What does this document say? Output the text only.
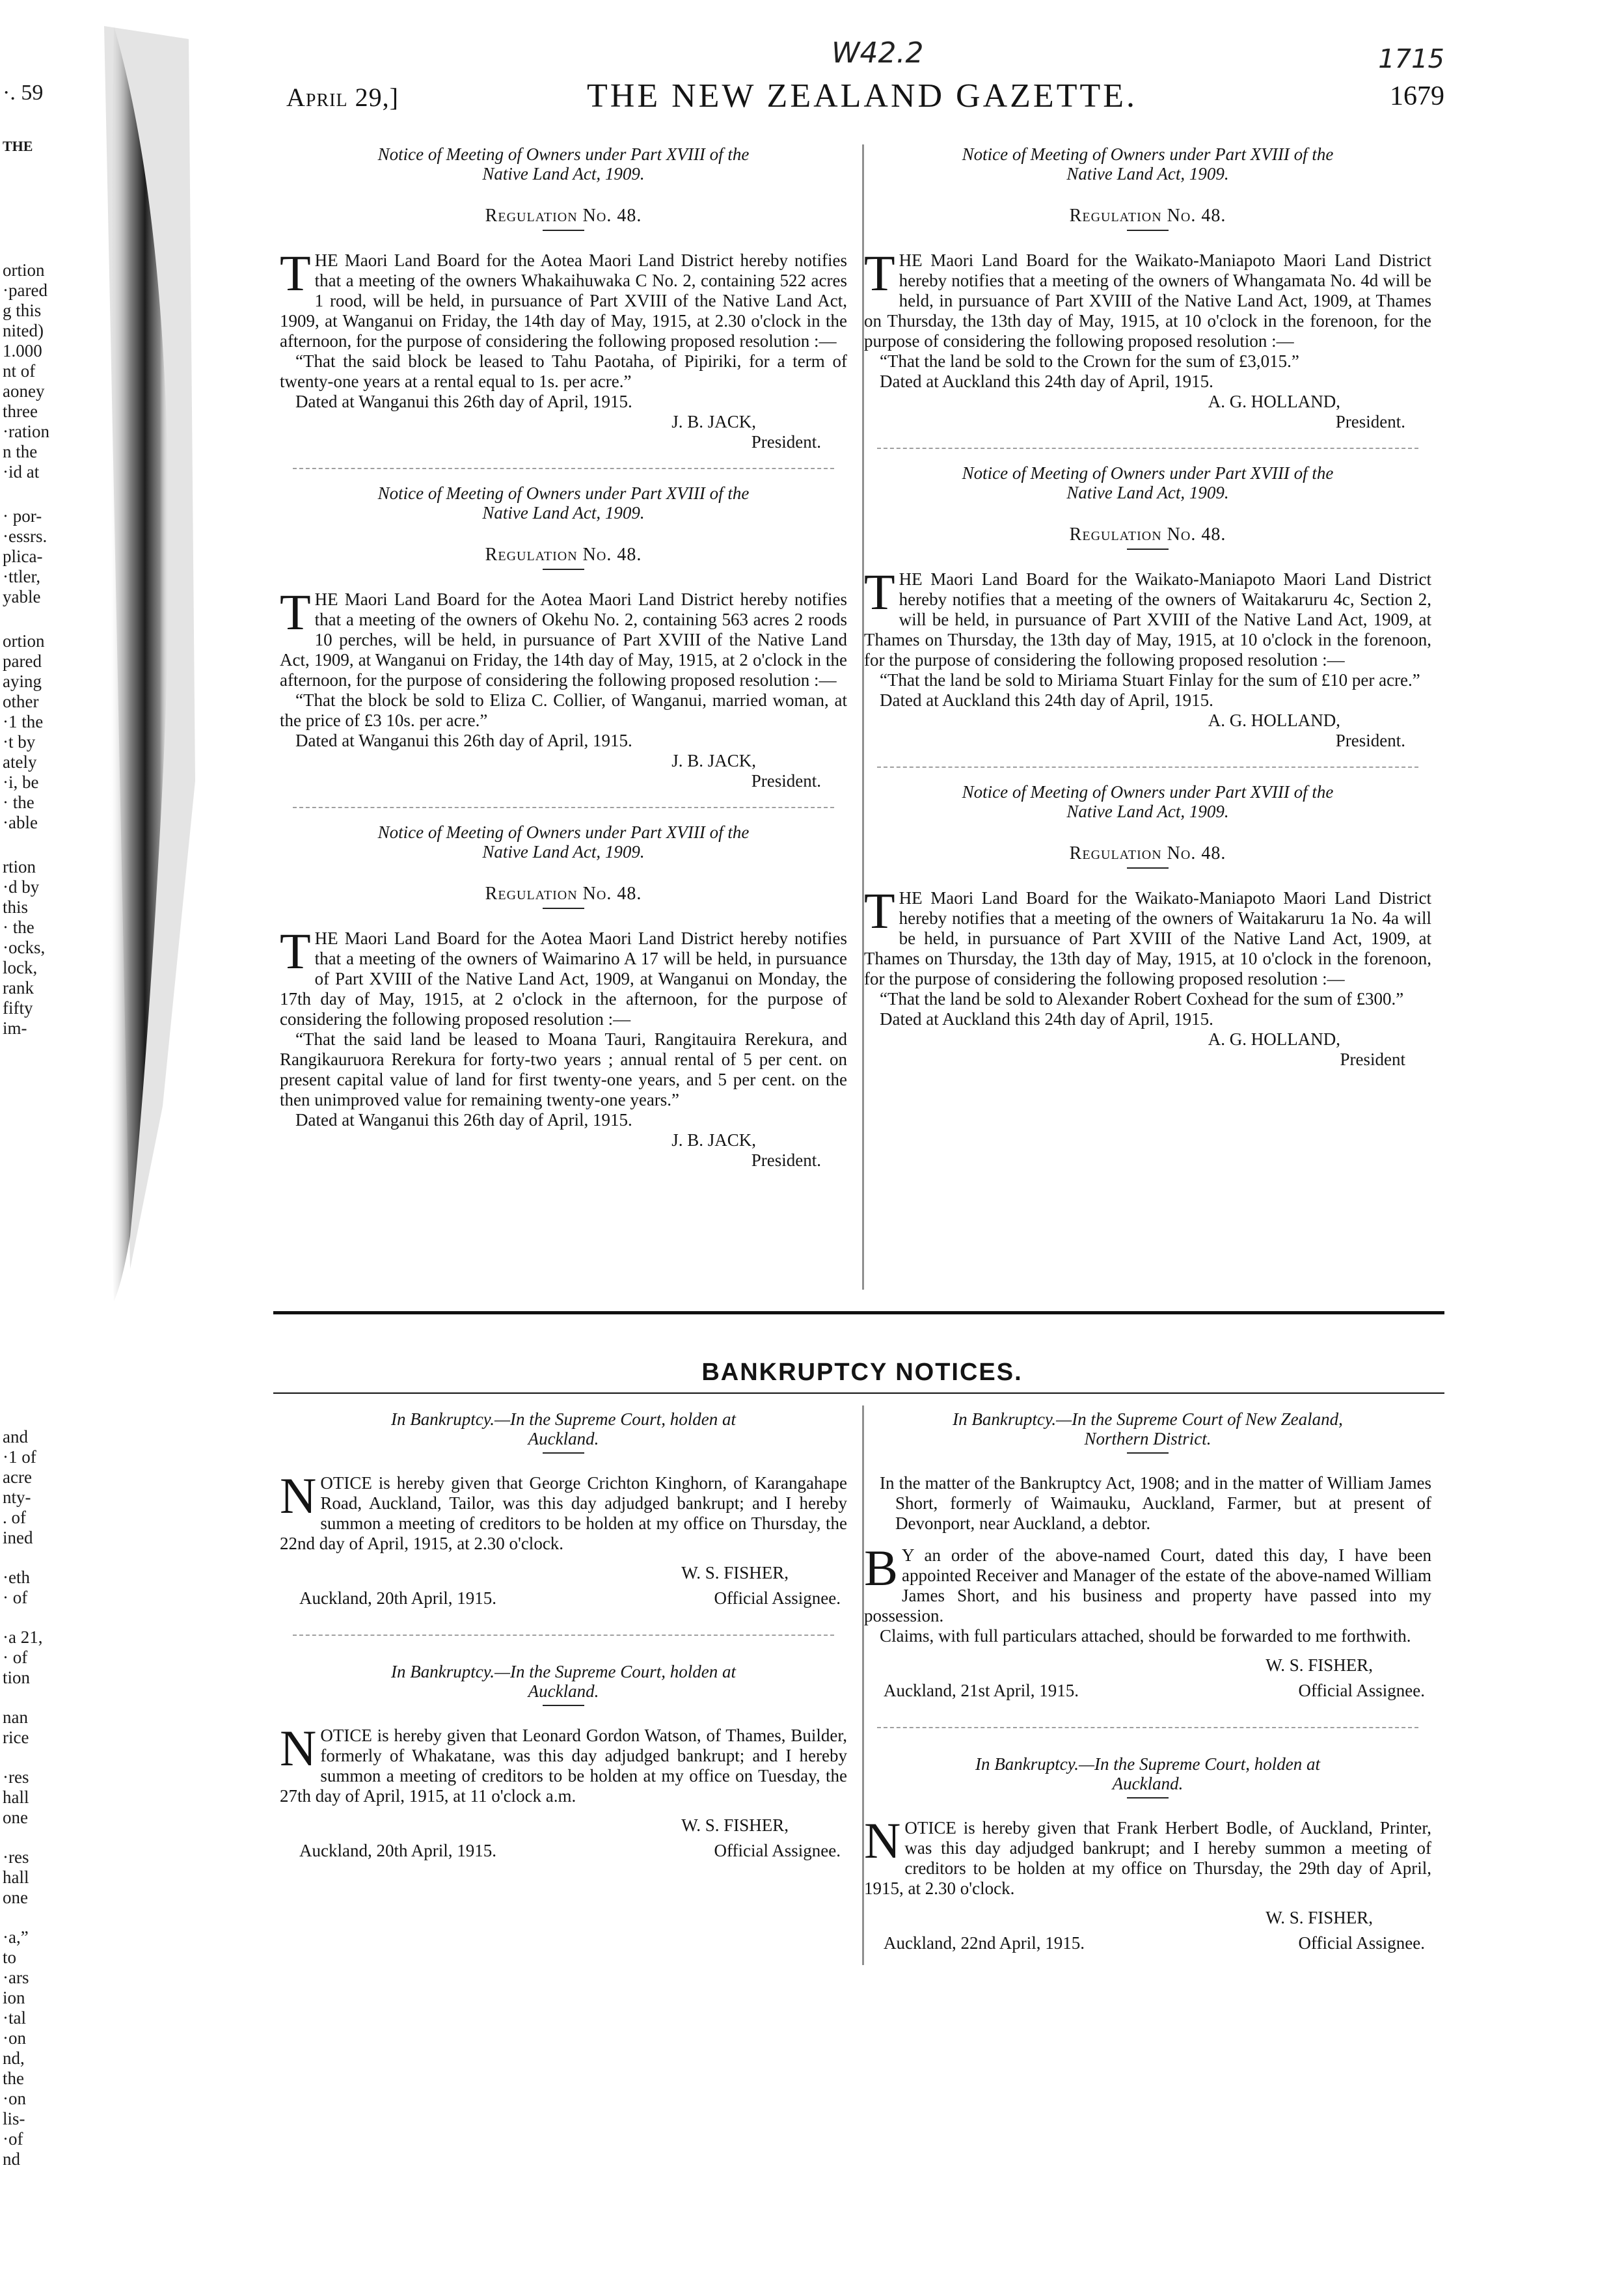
·. 59
THE
ortion
·pared
g this
nited)
1.000
nt of
aoney
three
·ration
n the
·id at
· por-
·essrs.
plica-
·ttler,
yable
ortion
pared
aying
other
·1 the
·t by
ately
·i, be
· the
·able
rtion
·d by
this
· the
·ocks,
lock,
rank
fifty
im-
and
·1 of
acre
nty-
. of
ined
·eth
· of
·a 21,
· of
tion
nan
rice
·res
hall
one
·res
hall
one
·a,”
to
·ars
ion
·tal
·on
nd,
the
·on
lis-
·of
nd
April 29,]	THE NEW ZEALAND GAZETTE.	1679
W42.2	1715
Notice of Meeting of Owners under Part XVIII of the
Native Land Act, 1909.
Regulation No. 48.

THE Maori Land Board for the Aotea Maori Land District hereby notifies that a meeting of the owners Whakaihuwaka C No. 2, containing 522 acres 1 rood, will be held, in pursuance of Part XVIII of the Native Land Act, 1909, at Wanganui on Friday, the 14th day of May, 1915, at 2.30 o'clock in the afternoon, for the purpose of considering the following proposed resolution :—

“That the said block be leased to Tahu Paotaha, of Pipiriki, for a term of twenty-one years at a rental equal to 1s. per acre.”

Dated at Wanganui this 26th day of April, 1915.

J. B. JACK,

President.

Notice of Meeting of Owners under Part XVIII of the
Native Land Act, 1909.
Regulation No. 48.

THE Maori Land Board for the Aotea Maori Land District hereby notifies that a meeting of the owners of Okehu No. 2, containing 563 acres 2 roods 10 perches, will be held, in pursuance of Part XVIII of the Native Land Act, 1909, at Wanganui on Friday, the 14th day of May, 1915, at 2 o'clock in the afternoon, for the purpose of considering the following proposed resolution :—

“That the block be sold to Eliza C. Collier, of Wanganui, married woman, at the price of £3 10s. per acre.”

Dated at Wanganui this 26th day of April, 1915.

J. B. JACK,

President.

Notice of Meeting of Owners under Part XVIII of the
Native Land Act, 1909.
Regulation No. 48.

THE Maori Land Board for the Aotea Maori Land District hereby notifies that a meeting of the owners of Waimarino A 17 will be held, in pursuance of Part XVIII of the Native Land Act, 1909, at Wanganui on Monday, the 17th day of May, 1915, at 2 o'clock in the afternoon, for the purpose of considering the following proposed resolution :—

“That the said land be leased to Moana Tauri, Rangitauira Rerekura, and Rangikauruora Rerekura for forty-two years ; annual rental of 5 per cent. on present capital value of land for first twenty-one years, and 5 per cent. on the then unimproved value for remaining twenty-one years.”

Dated at Wanganui this 26th day of April, 1915.

J. B. JACK,

President.

Notice of Meeting of Owners under Part XVIII of the
Native Land Act, 1909.
Regulation No. 48.

THE Maori Land Board for the Waikato-Maniapoto Maori Land District hereby notifies that a meeting of the owners of Whangamata No. 4d will be held, in pursuance of Part XVIII of the Native Land Act, 1909, at Thames on Thursday, the 13th day of May, 1915, at 10 o'clock in the forenoon, for the purpose of considering the following proposed resolution :—

“That the land be sold to the Crown for the sum of £3,015.”

Dated at Auckland this 24th day of April, 1915.

A. G. HOLLAND,

President.

Notice of Meeting of Owners under Part XVIII of the
Native Land Act, 1909.
Regulation No. 48.

THE Maori Land Board for the Waikato-Maniapoto Maori Land District hereby notifies that a meeting of the owners of Waitakaruru 4c, Section 2, will be held, in pursuance of Part XVIII of the Native Land Act, 1909, at Thames on Thursday, the 13th day of May, 1915, at 10 o'clock in the forenoon, for the purpose of considering the following proposed resolution :—

“That the land be sold to Miriama Stuart Finlay for the sum of £10 per acre.”

Dated at Auckland this 24th day of April, 1915.

A. G. HOLLAND,

President.

Notice of Meeting of Owners under Part XVIII of the
Native Land Act, 1909.
Regulation No. 48.

THE Maori Land Board for the Waikato-Maniapoto Maori Land District hereby notifies that a meeting of the owners of Waitakaruru 1a No. 4a will be held, in pursuance of Part XVIII of the Native Land Act, 1909, at Thames on Thursday, the 13th day of May, 1915, at 10 o'clock in the forenoon, for the purpose of considering the following proposed resolution :—

“That the land be sold to Alexander Robert Coxhead for the sum of £300.”

Dated at Auckland this 24th day of April, 1915.

A. G. HOLLAND,

President

BANKRUPTCY NOTICES.
In Bankruptcy.—In the Supreme Court, holden at
Auckland.

NOTICE is hereby given that George Crichton Kinghorn, of Karangahape Road, Auckland, Tailor, was this day adjudged bankrupt; and I hereby summon a meeting of creditors to be holden at my office on Thursday, the 22nd day of April, 1915, at 2.30 o'clock.

W. S. FISHER,

Auckland, 20th April, 1915.	Official Assignee.
In Bankruptcy.—In the Supreme Court, holden at
Auckland.

NOTICE is hereby given that Leonard Gordon Watson, of Thames, Builder, formerly of Whakatane, was this day adjudged bankrupt; and I hereby summon a meeting of creditors to be holden at my office on Tuesday, the 27th day of April, 1915, at 11 o'clock a.m.

W. S. FISHER,

Auckland, 20th April, 1915.	Official Assignee.
In Bankruptcy.—In the Supreme Court of New Zealand,
Northern District.

In the matter of the Bankruptcy Act, 1908; and in the matter of William James Short, formerly of Waimauku, Auckland, Farmer, but at present of Devonport, near Auckland, a debtor.

B Y an order of the above-named Court, dated this day, I have been appointed Receiver and Manager of the estate of the above-named William James Short, and his business and property have passed into my possession.

Claims, with full particulars attached, should be forwarded to me forthwith.

W. S. FISHER,

Auckland, 21st April, 1915.	Official Assignee.
In Bankruptcy.—In the Supreme Court, holden at
Auckland.

NOTICE is hereby given that Frank Herbert Bodle, of Auckland, Printer, was this day adjudged bankrupt; and I hereby summon a meeting of creditors to be holden at my office on Thursday, the 29th day of April, 1915, at 2.30 o'clock.

W. S. FISHER,

Auckland, 22nd April, 1915.	Official Assignee.
